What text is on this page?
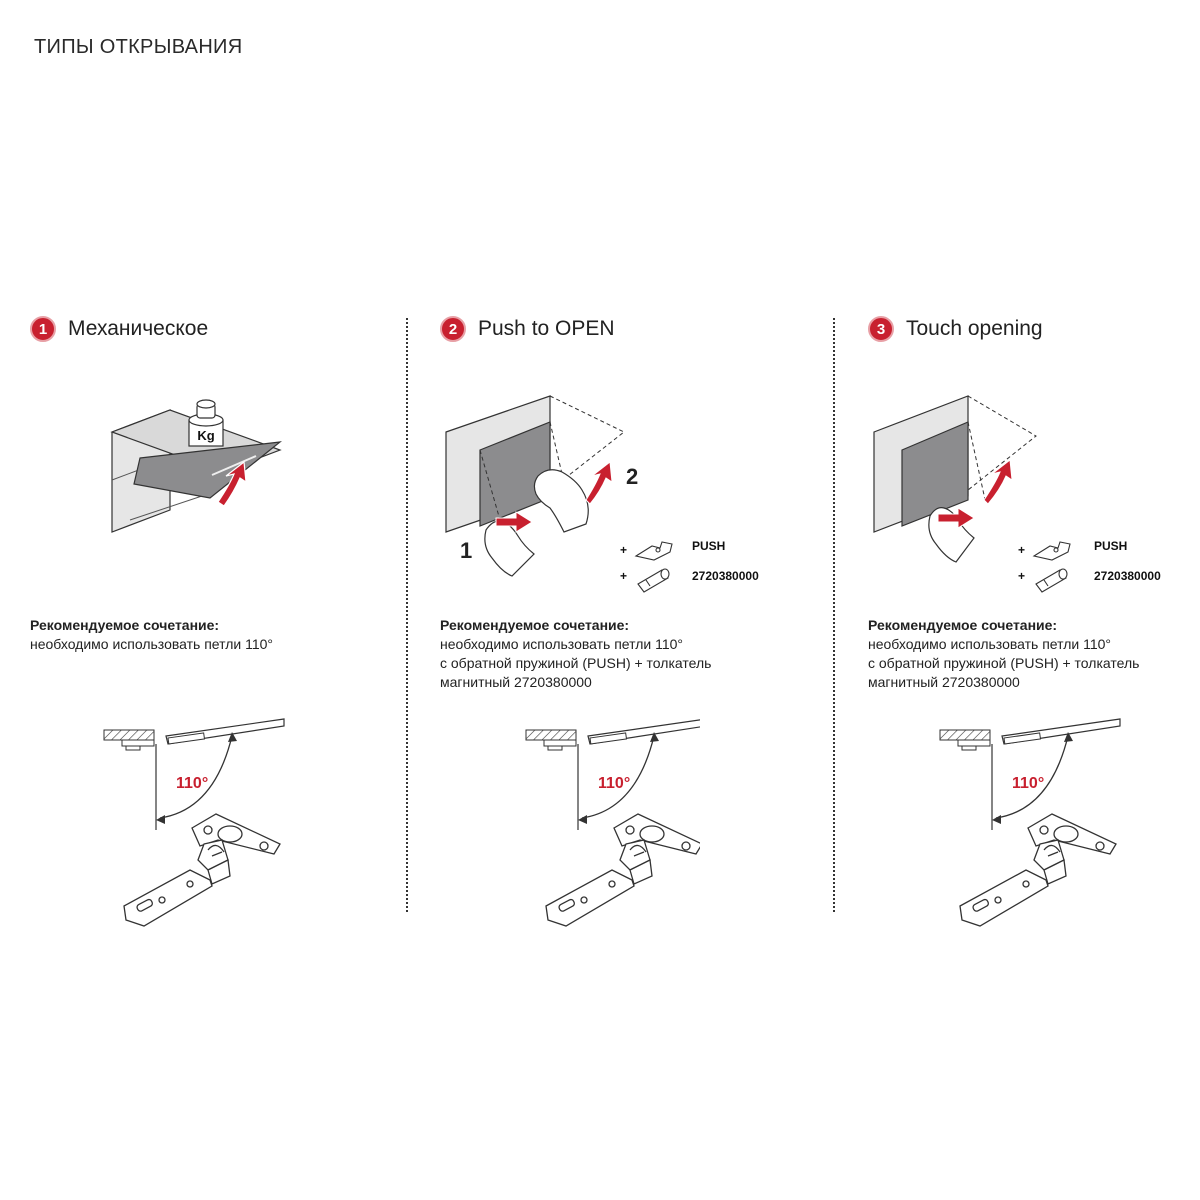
ТИПЫ ОТКРЫВАНИЯ
1 Механическое
Kg
Рекомендуемое сочетание:
необходимо использовать петли 110°
110°
2 Push to OPEN
1
2
+	PUSH
+	2720380000
Рекомендуемое сочетание:
необходимо использовать петли 110°
с обратной пружиной (PUSH) + толкатель
магнитный 2720380000
110°
3 Touch opening
+	PUSH
+	2720380000
Рекомендуемое сочетание:
необходимо использовать петли 110°
с обратной пружиной (PUSH) + толкатель
магнитный 2720380000
110°
